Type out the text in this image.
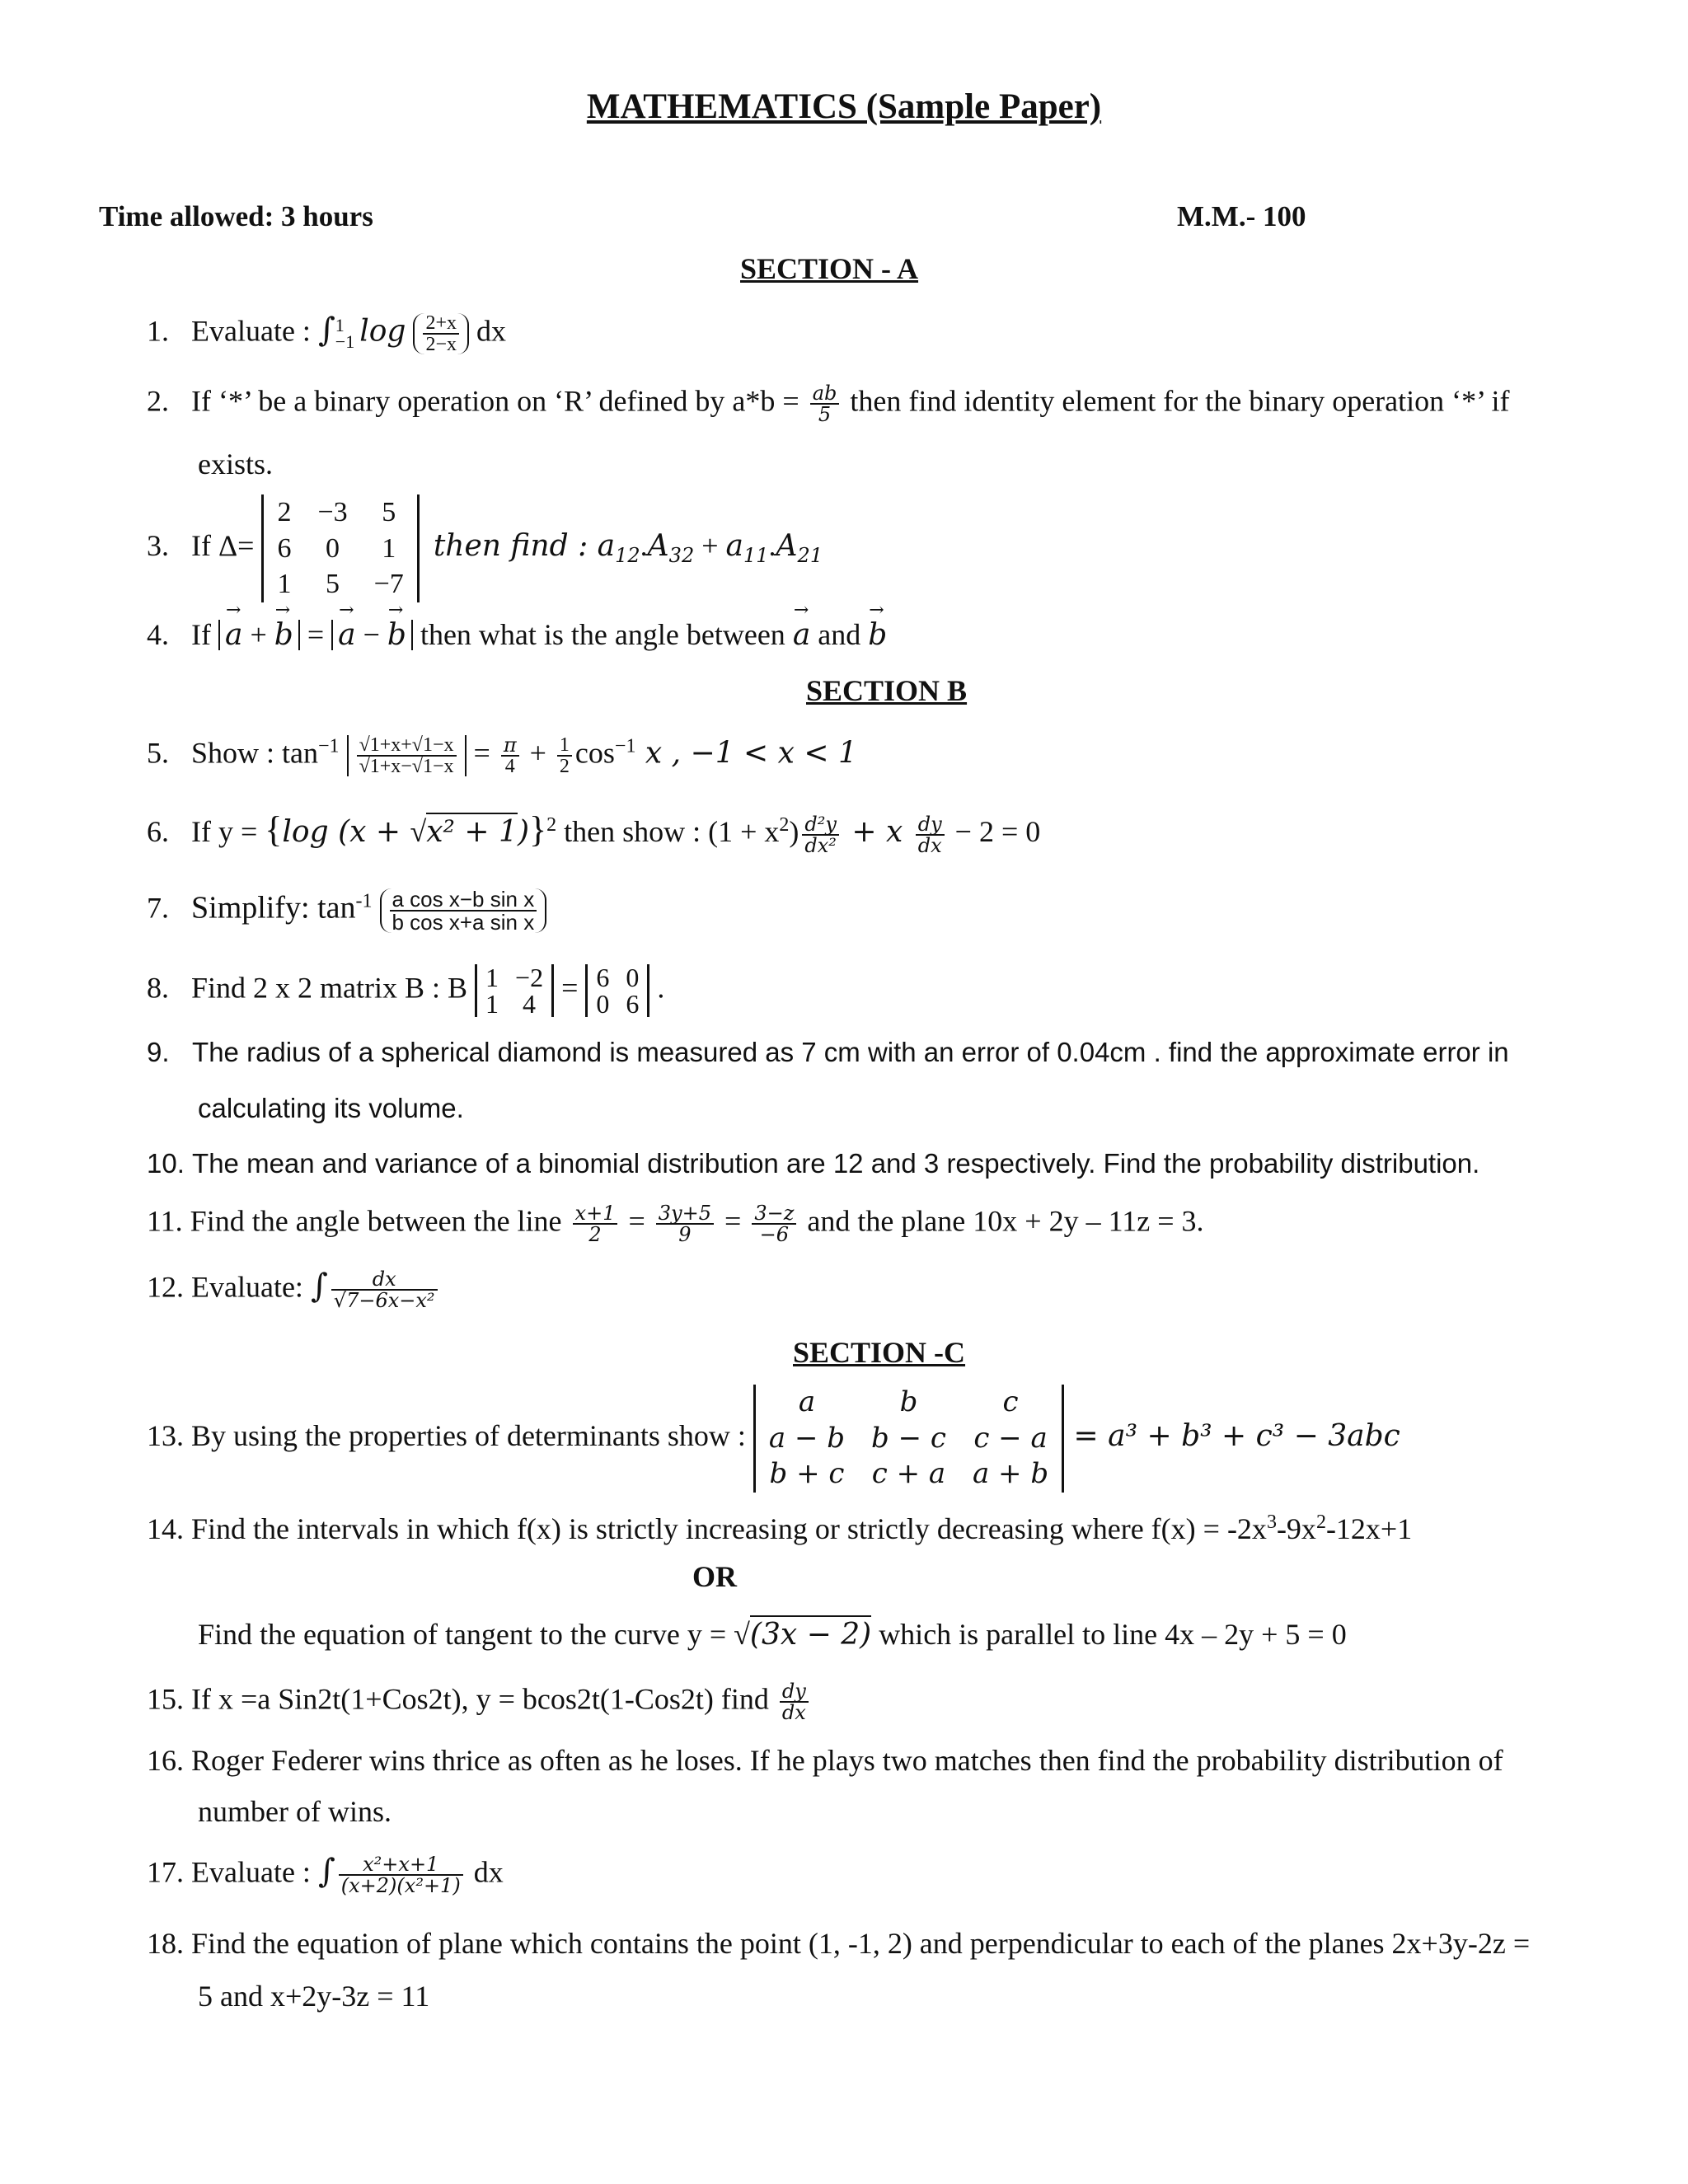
MATHEMATICS (Sample Paper)
Time allowed: 3 hours	M.M.- 100
SECTION - A
1. Evaluate : ∫ 1
−1 $\log \frac{2+x}{2-x}$ dx
2. If ‘*’ be a binary operation on ‘R’ defined by $a*b = \frac{ab}{5}$ then find identity element for the binary operation ‘*’ if
exists.
3. If Δ= 2	−3	5
6	0	1
1	5	−7 then find : $a_{12}.A_{32} + a_{11}.A_{21}$
4. If a → + b → = a → − b → then what is the angle between a → and b →
SECTION B
5. Show : $\tan^{-1} \frac{√1+x+√1-x}{√1+x-√1-x} = \frac{\pi}{4} + \frac{1}{2} \cos^{-1} x$ , −1 < x < 1
6. If y = {log (x + √x² + 1)}$^2$ then show : $(1 + x^2) \frac{\text{d²y}}{\text{dx²}} + x \frac{dy}{dx} - 2 = 0$
7. Simplify: $\tan^{-1} \frac{\text{a cos x−b sin x}}{\text{b cos x+a sin x}}$
8. Find 2 x 2 matrix B : B 1	−2
1	4 = 6	0
0	6 .
9. The radius of a spherical diamond is measured as 7 cm with an error of 0.04cm . find the approximate error in
calculating its volume.
10. The mean and variance of a binomial distribution are 12 and 3 respectively. Find the probability distribution.
11. Find the angle between the line $\frac{x+1}{2} = \frac{3y+5}{9} = \frac{3-z}{-6}$ and the plane 10x + 2y – 11z = 3.
12. Evaluate: ∫ $\frac{dx}{\text{√7−6x−x²}}$
SECTION -C
13. By using the properties of determinants show : a	b	c
a − b	b − c	c − a
b + c	c + a	a + b = a³ + b³ + c³ − 3abc
14. Find the intervals in which f(x) is strictly increasing or strictly decreasing where $f(x) = -2x^3-9x^2-12x+1$
OR
Find the equation of tangent to the curve y = √(3x − 2) which is parallel to line 4x – 2y + 5 = 0
15. If x =a Sin2t(1+Cos2t), y = bcos2t(1-Cos2t) find $\frac{dy}{dx}$
16. Roger Federer wins thrice as often as he loses. If he plays two matches then find the probability distribution of
number of wins.
17. Evaluate : ∫ $\frac{\text{x²+x+1}}{\text{(x+2)(x²+1)}}$ dx
18. Find the equation of plane which contains the point (1, -1, 2) and perpendicular to each of the planes 2x+3y-2z =
5 and x+2y-3z = 11
